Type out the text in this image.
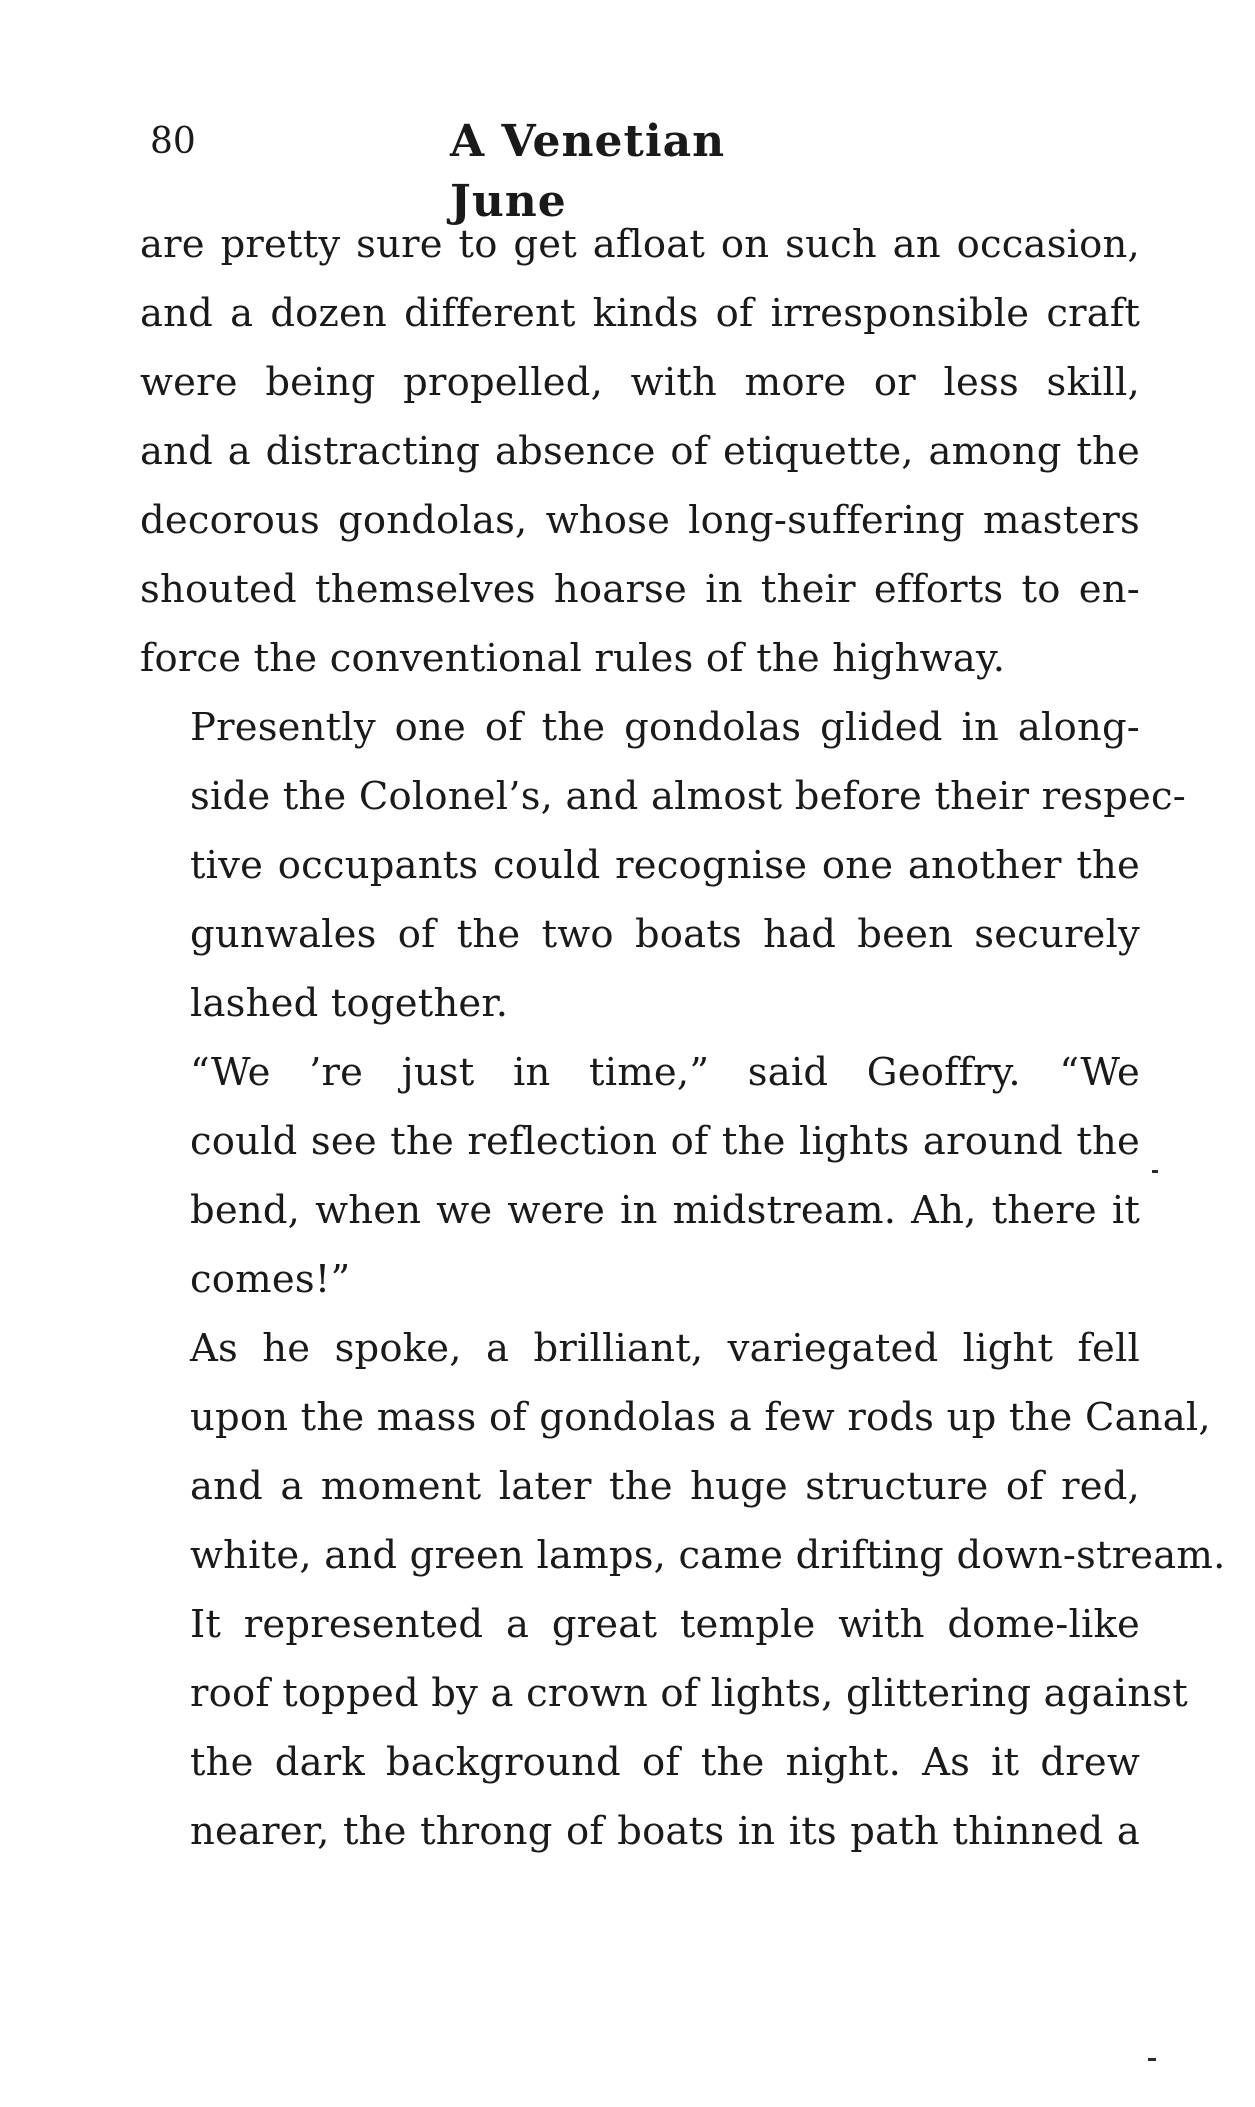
80	A Venetian June

are pretty sure to get afloat on such an occasion,
and a dozen different kinds of irresponsible craft
were being propelled, with more or less skill,
and a distracting absence of etiquette, among the
decorous gondolas, whose long-suffering masters
shouted themselves hoarse in their efforts to en-
force the conventional rules of the highway.

Presently one of the gondolas glided in along-
side the Colonel’s, and almost before their respec-
tive occupants could recognise one another the
gunwales of the two boats had been securely
lashed together.

“We ’re just in time,” said Geoffry. “We
could see the reflection of the lights around the
bend, when we were in midstream. Ah, there it
comes!”

As he spoke, a brilliant, variegated light fell
upon the mass of gondolas a few rods up the Canal,
and a moment later the huge structure of red,
white, and green lamps, came drifting down-stream.
It represented a great temple with dome-like
roof topped by a crown of lights, glittering against
the dark background of the night. As it drew
nearer, the throng of boats in its path thinned a
